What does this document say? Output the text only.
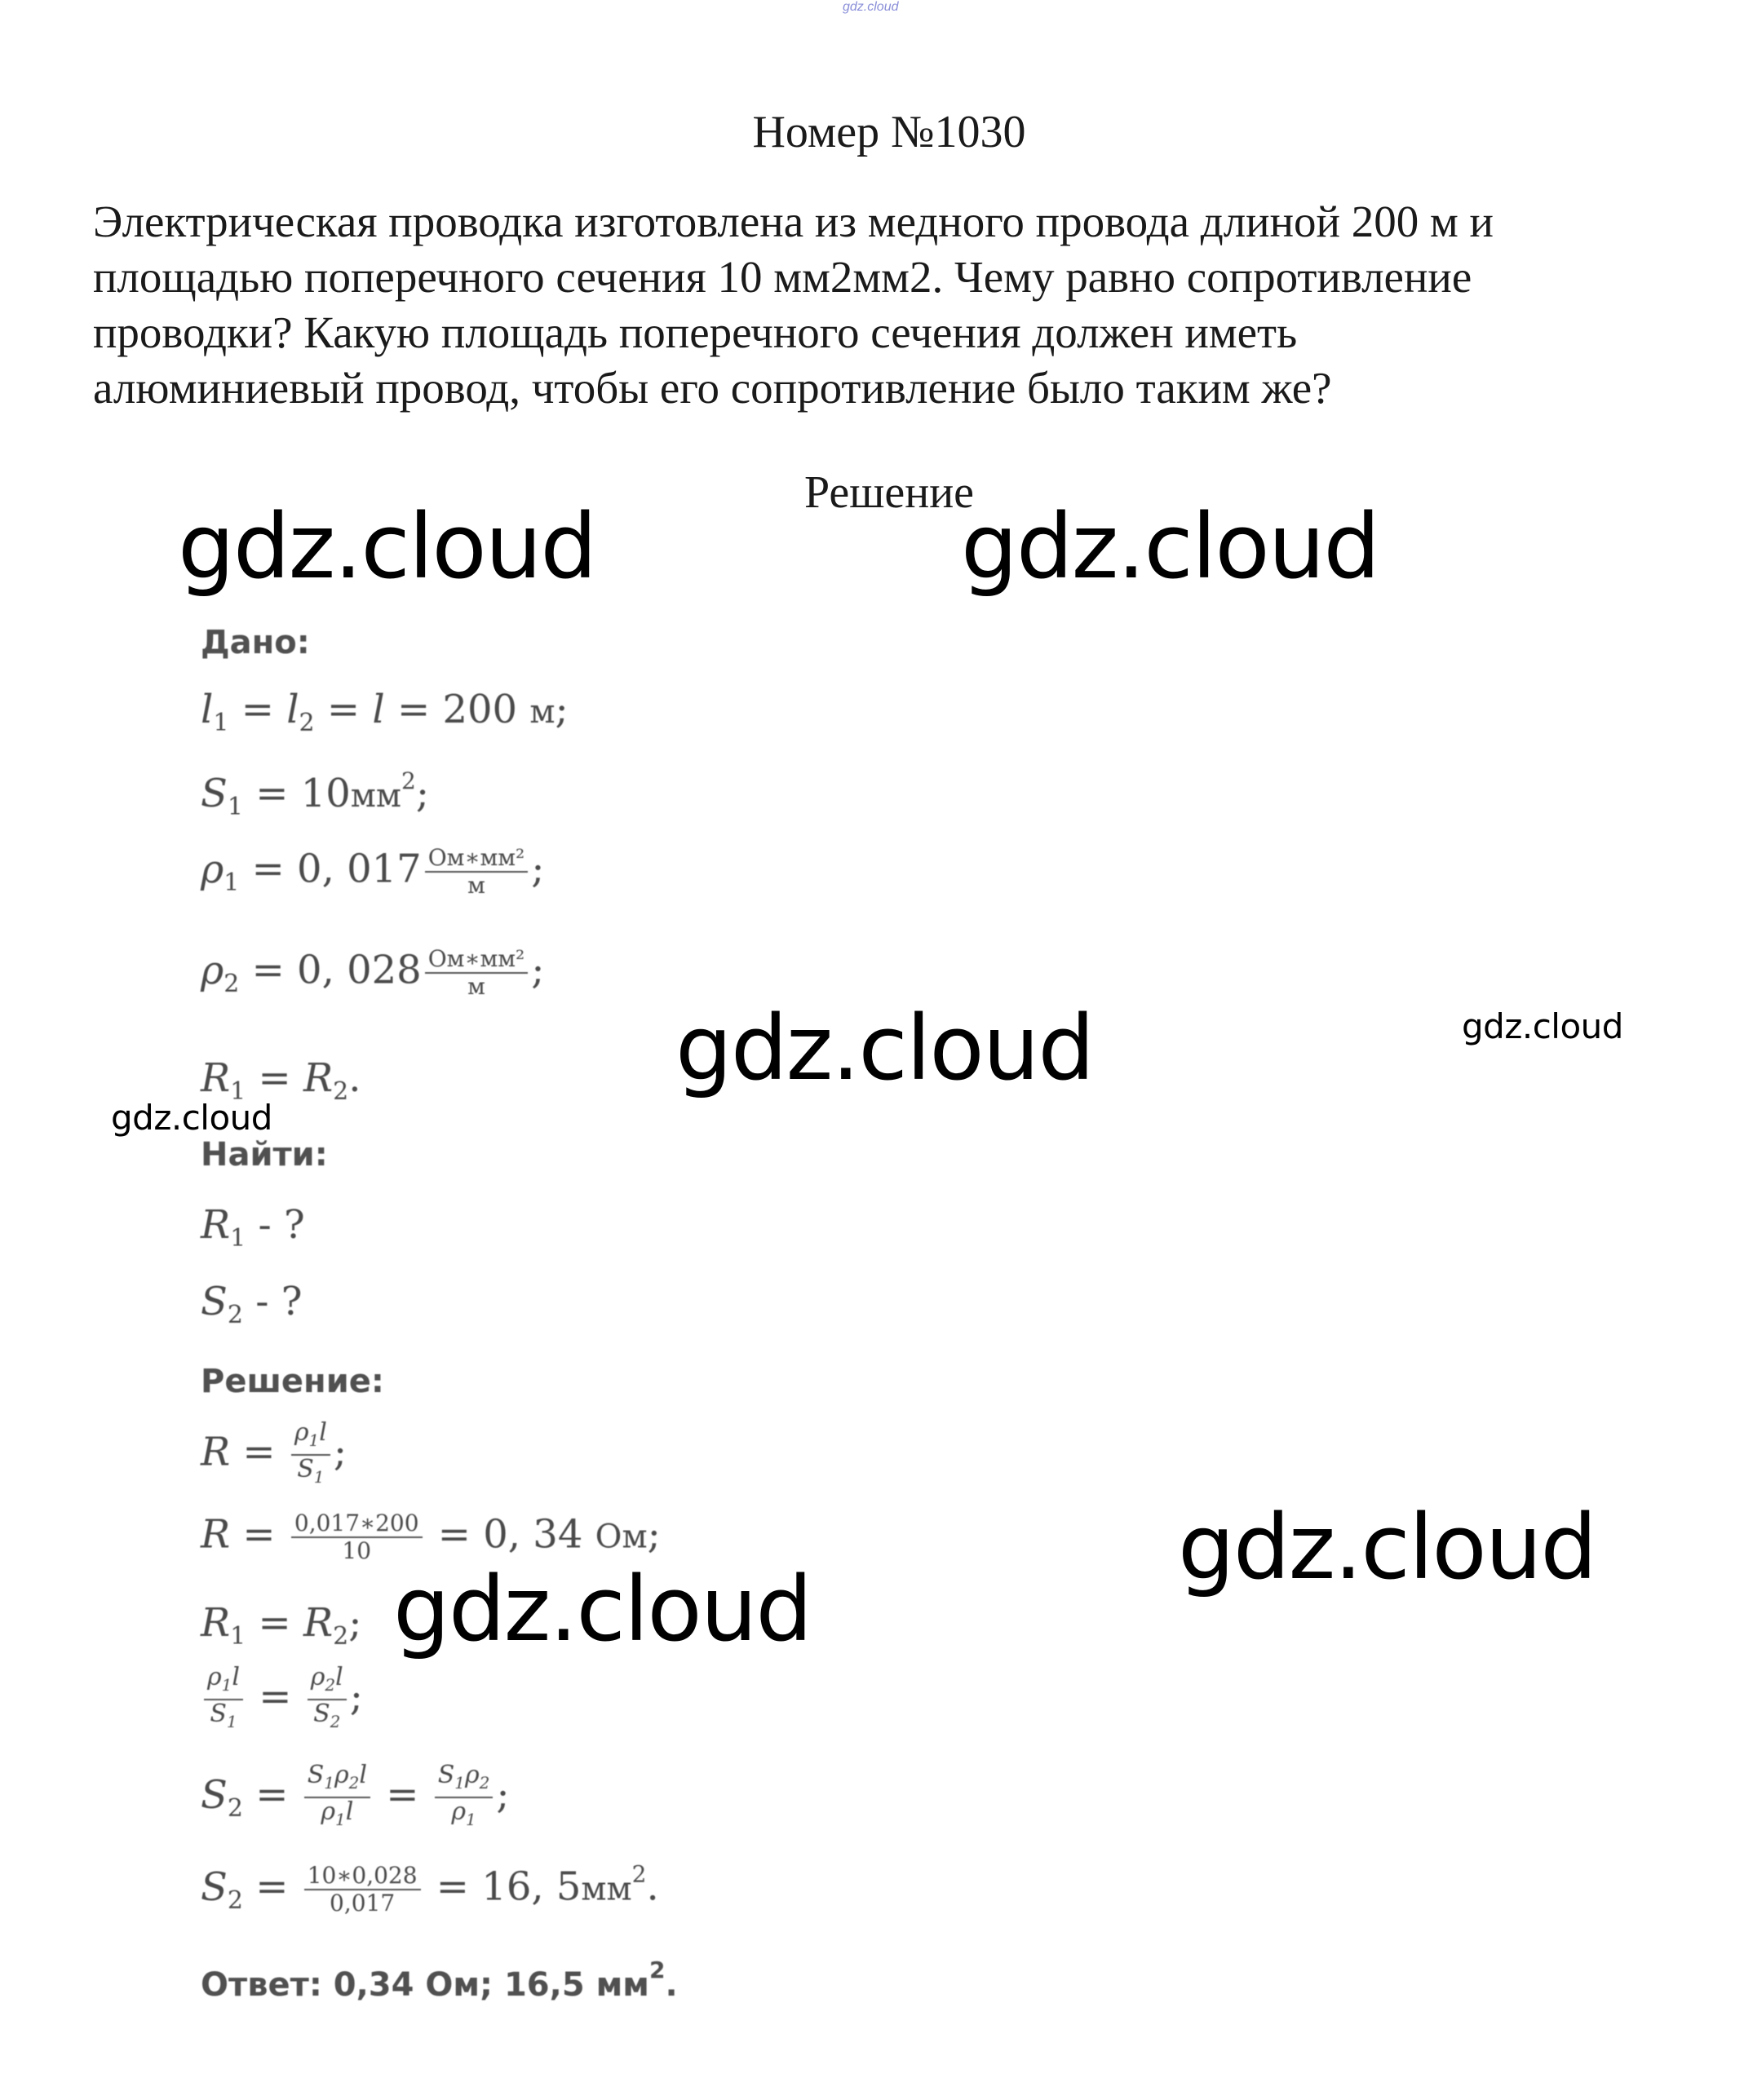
gdz.cloud
Номер №1030

Электрическая проводка изготовлена из медного провода длиной 200 м и

площадью поперечного сечения 10 мм2мм2. Чему равно сопротивление

проводки? Какую площадь поперечного сечения должен иметь

алюминиевый провод, чтобы его сопротивление было таким же?

Решение
Дано:
$l_1 = l_2 = l = 200$ м;
$S_1 = 10мм^2$;
$\rho_1 = 0$, $017 \frac{\text{Ом∗мм²}}{м}$ ;
$\rho_2 = 0$, $028 \frac{\text{Ом∗мм²}}{м}$ ;
$R_1 = R_2$.
Найти:
$R_1$ - ?
$S_2$ - ?
Решение:
$R = \frac{\rho_1l}{S_1}$ ;
$R = \frac{0,017∗200}{10} = 0$, 34 Ом;
$R_1 = R_2$;
$\frac{\rho_1l}{S_1} = \frac{\rho_2l}{S_2}$ ;
$S_2 = \frac{S_1\rho_2l}{\rho_1l} = \frac{S_1\rho_2}{\rho_1}$ ;
$S_2 = \frac{10∗0,028}{0,017} = 16$, $5мм^2$.
Ответ: 0,34 Ом; 16,5 $мм^2$.
gdz.cloud	gdz.cloud
gdz.cloud	gdz.cloud
gdz.cloud
gdz.cloud
gdz.cloud
